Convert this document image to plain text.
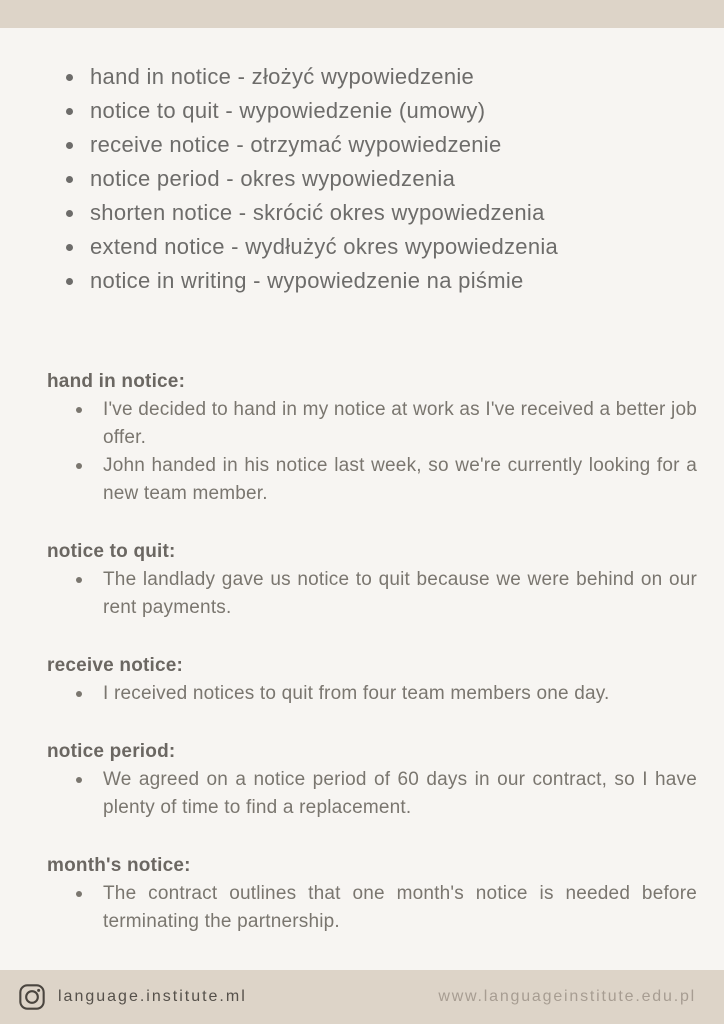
hand in notice - złożyć wypowiedzenie
notice to quit - wypowiedzenie (umowy)
receive notice - otrzymać wypowiedzenie
notice period - okres wypowiedzenia
shorten notice - skrócić okres wypowiedzenia
extend notice - wydłużyć okres wypowiedzenia
notice in writing - wypowiedzenie na piśmie
hand in notice:
I've decided to hand in my notice at work as I've received a better job offer.
John handed in his notice last week, so we're currently looking for a new team member.
notice to quit:
The landlady gave us notice to quit because we were behind on our rent payments.
receive notice:
I received notices to quit from four team members one day.
notice period:
We agreed on a notice period of 60 days in our contract, so I have plenty of time to find a replacement.
month's notice:
The contract outlines that one month's notice is needed before terminating the partnership.
language.institute.ml	www.languageinstitute.edu.pl
